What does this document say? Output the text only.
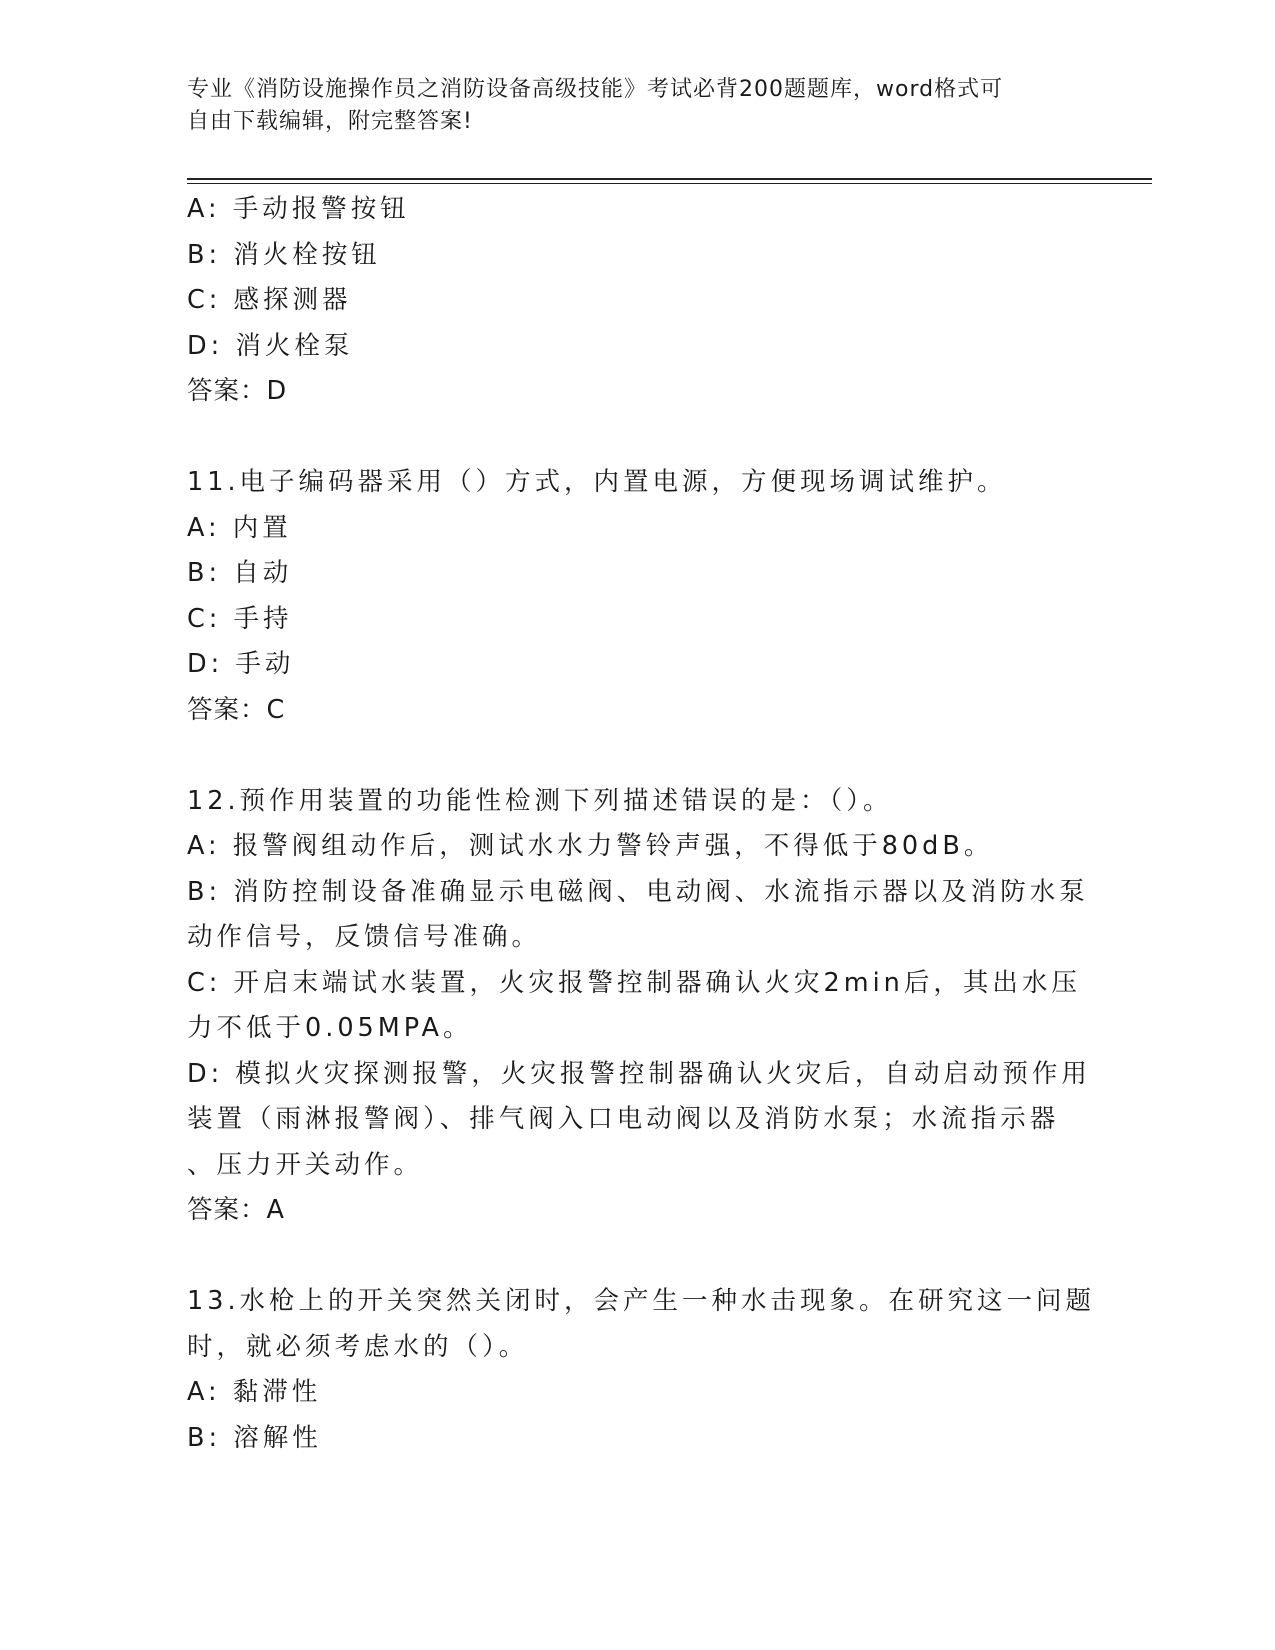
专业《消防设施操作员之消防设备高级技能》考试必背200题题库，word格式可
自由下载编辑，附完整答案!
A: 手动报警按钮
B: 消火栓按钮
C: 感探测器
D: 消火栓泵
答案：D
11.电子编码器采用（）方式，内置电源，方便现场调试维护。
A: 内置
B: 自动
C: 手持
D: 手动
答案：C
12.预作用装置的功能性检测下列描述错误的是：（）。
A: 报警阀组动作后，测试水水力警铃声强，不得低于80dB。
B: 消防控制设备准确显示电磁阀、电动阀、水流指示器以及消防水泵
动作信号，反馈信号准确。
C: 开启末端试水装置，火灾报警控制器确认火灾2min后，其出水压
力不低于0.05MPA。
D: 模拟火灾探测报警，火灾报警控制器确认火灾后，自动启动预作用
装置（雨淋报警阀）、排气阀入口电动阀以及消防水泵；水流指示器
、压力开关动作。
答案：A
13.水枪上的开关突然关闭时，会产生一种水击现象。在研究这一问题
时，就必须考虑水的（）。
A: 黏滞性
B: 溶解性
